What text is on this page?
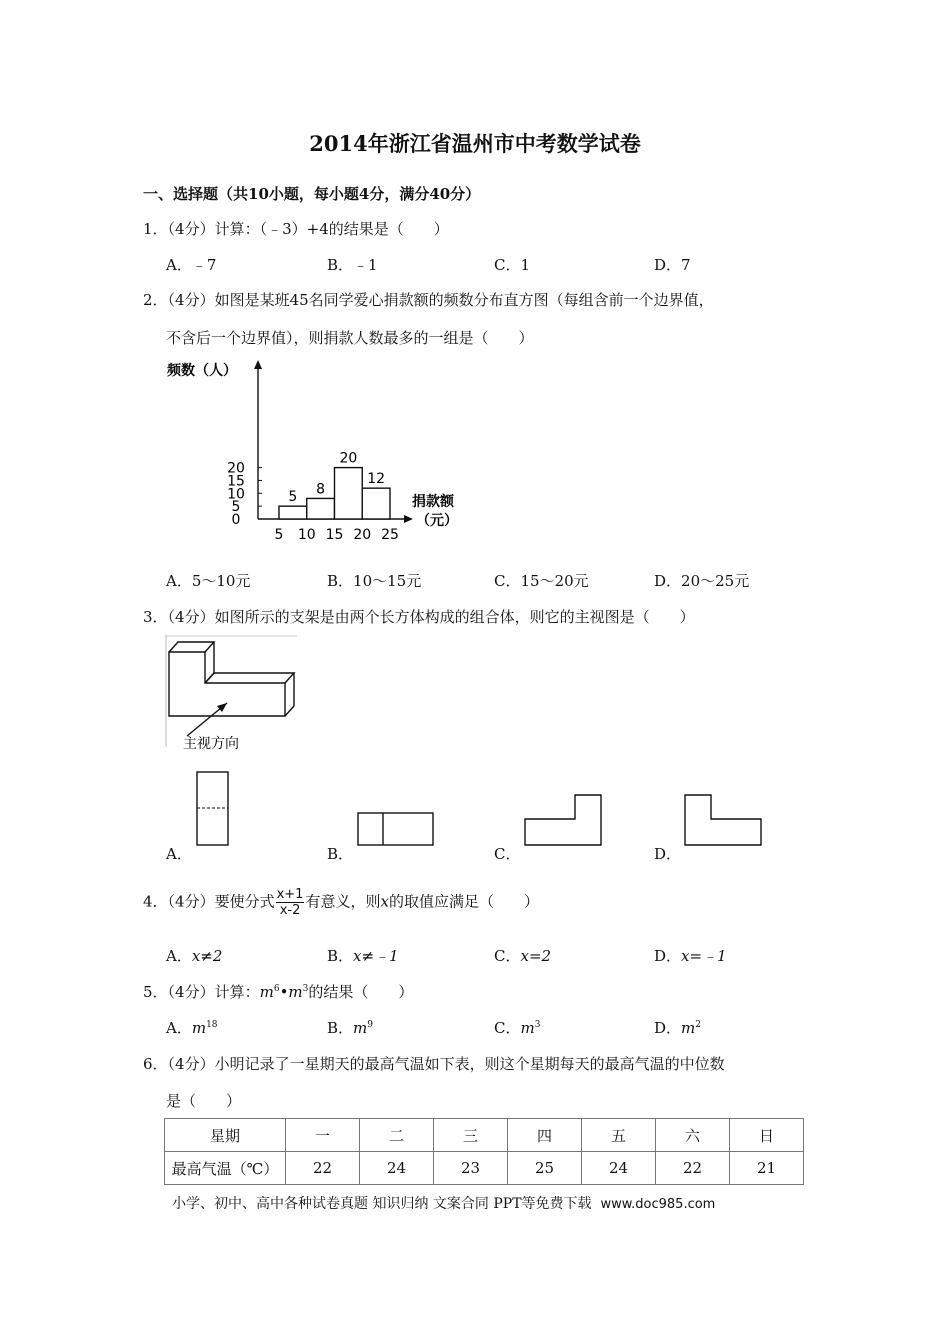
2014年浙江省温州市中考数学试卷
一、选择题（共10小题，每小题4分，满分40分）
1．（4分）计算：（﹣3）+4的结果是（　　）
A．﹣7	B．﹣1	C．1	D．7
2．（4分）如图是某班45名同学爱心捐款额的频数分布直方图（每组含前一个边界值，
不含后一个边界值），则捐款人数最多的一组是（　　）
频数（人）
捐款额
（元）
0
5
10
15
20
5 10 15 20 25
5 8
20
12
A．5～10元	B．10～15元	C．15～20元	D．20～25元
3．（4分）如图所示的支架是由两个长方体构成的组合体，则它的主视图是（　　）
主视方向
A．	B．	C．	D．
4．（4分）要使分式 $\frac{x+1}{x-2}$ 有意义，则x的取值应满足（　　）
A．x≠2	B．x≠﹣1	C．x=2	D．x=﹣1
5．（4分）计算：$m^6•m^3$的结果（　　）
A．$m^{18}$	B．$m^9$	C．$m^3$	D．$m^2$
6．（4分）小明记录了一星期天的最高气温如下表，则这个星期每天的最高气温的中位数
是（　　）
星期	一	二	三	四	五	六	日
最高气温（℃）	22	24	23	25	24	22	21
小学、初中、高中各种试卷真题 知识归纳 文案合同 PPT等免费下载 www.doc985.com
